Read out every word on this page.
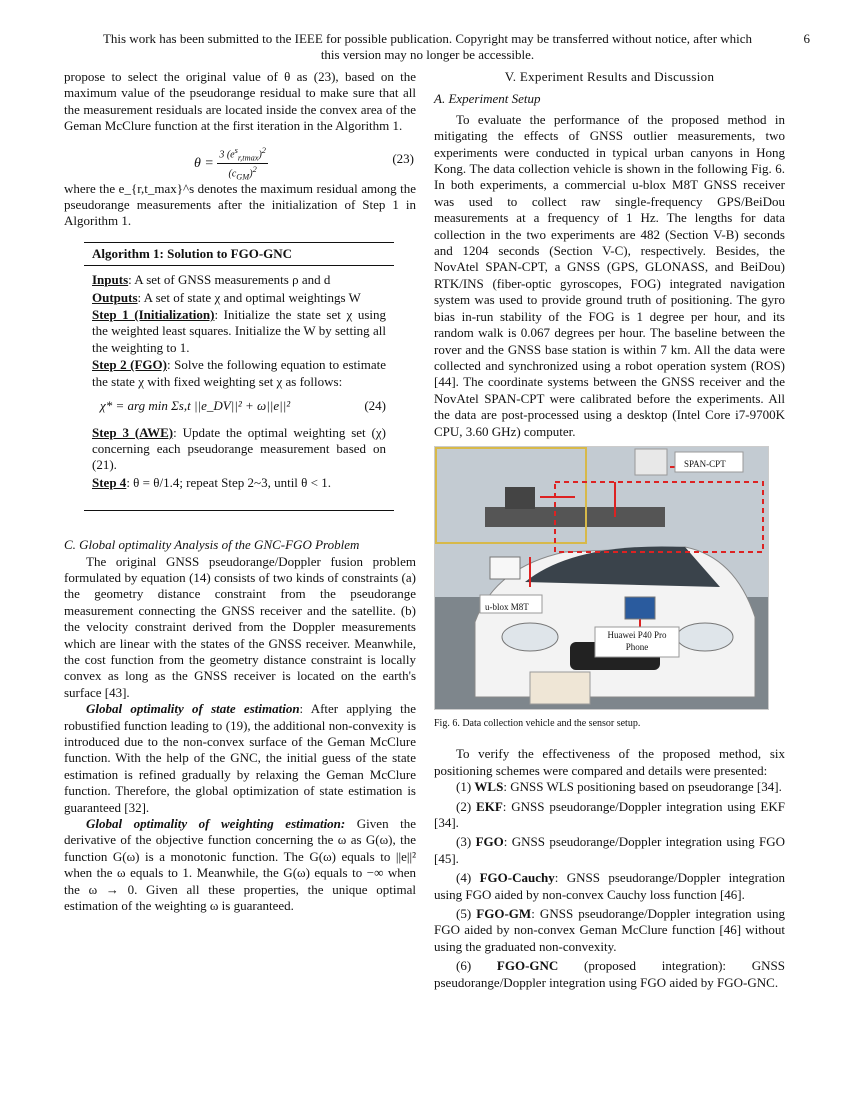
This work has been submitted to the IEEE for possible publication. Copyright may be transferred without notice, after which
this version may no longer be accessible.
6

propose to select the original value of θ as (23), based on the maximum value of the pseudorange residual to make sure that all the measurement residuals are located inside the convex area of the Geman McClure function at the first iteration in the Algorithm 1.

$\theta = \frac{3 (e^s_{r,tmax})^2}{(c_{GM})^2}$	(23)

where the e_{r,t_max}^s denotes the maximum residual among the pseudorange measurements after the initialization of Step 1 in Algorithm 1.

Algorithm 1: Solution to FGO-GNC

Inputs: A set of GNSS measurements ρ and d

Outputs: A set of state χ and optimal weightings W

Step 1 (Initialization): Initialize the state set χ using the weighted least squares. Initialize the W by setting all the weighting to 1.

Step 2 (FGO): Solve the following equation to estimate the state χ with fixed weighting set χ as follows:

χ* = arg min Σs,t ||e_DV||² + ω||e||²	(24)

Step 3 (AWE): Update the optimal weighting set (χ) concerning each pseudorange measurement based on (21).

Step 4: θ = θ/1.4; repeat Step 2~3, until θ < 1.

C. Global optimality Analysis of the GNC-FGO Problem

The original GNSS pseudorange/Doppler fusion problem formulated by equation (14) consists of two kinds of constraints (a) the geometry distance constraint from the pseudorange measurement connecting the GNSS receiver and the satellite. (b) the velocity constraint derived from the Doppler measurements which are linear with the states of the GNSS receiver. Meanwhile, the cost function from the geometry distance constraint is locally convex as long as the GNSS receiver is located on the earth's surface [43].

Global optimality of state estimation: After applying the robustified function leading to (19), the additional non-convexity is introduced due to the non-convex surface of the Geman McClure function. With the help of the GNC, the initial guess of the state estimation is refined gradually by relaxing the Geman McClure function. Therefore, the global optimization of state estimation is guaranteed [32].

Global optimality of weighting estimation: Given the derivative of the objective function concerning the ω as G(ω), the function G(ω) is a monotonic function. The G(ω) equals to ||e||² when the ω equals to 1. Meanwhile, the G(ω) equals to −∞ when the ω → 0. Given all these properties, the unique optimal estimation of the weighting ω is guaranteed.

V. Experiment Results and Discussion

A. Experiment Setup

To evaluate the performance of the proposed method in mitigating the effects of GNSS outlier measurements, two experiments were conducted in typical urban canyons in Hong Kong. The data collection vehicle is shown in the following Fig. 6. In both experiments, a commercial u-blox M8T GNSS receiver was used to collect raw single-frequency GPS/BeiDou measurements at a frequency of 1 Hz. The lengths for data collection in the two experiments are 482 (Section V-B) seconds and 1204 seconds (Section V-C), respectively. Besides, the NovAtel SPAN-CPT, a GNSS (GPS, GLONASS, and BeiDou) RTK/INS (fiber-optic gyroscopes, FOG) integrated navigation system was used to provide ground truth of positioning. The gyro bias in-run stability of the FOG is 1 degree per hour, and its random walk is 0.067 degrees per hour. The baseline between the rover and the GNSS base station is within 7 km. All the data were collected and synchronized using a robot operation system (ROS) [44]. The coordinate systems between the GNSS receiver and the NovAtel SPAN-CPT were calibrated before the experiments. All the data are post-processed using a desktop (Intel Core i7-9700K CPU, 3.60 GHz) computer.

SPAN-CPT
u-blox M8T
Huawei P40 Pro
Phone
Fig. 6. Data collection vehicle and the sensor setup.

To verify the effectiveness of the proposed method, six positioning schemes were compared and details were presented:

(1) WLS: GNSS WLS positioning based on pseudorange [34].

(2) EKF: GNSS pseudorange/Doppler integration using EKF [34].

(3) FGO: GNSS pseudorange/Doppler integration using FGO [45].

(4) FGO-Cauchy: GNSS pseudorange/Doppler integration using FGO aided by non-convex Cauchy loss function [46].

(5) FGO-GM: GNSS pseudorange/Doppler integration using FGO aided by non-convex Geman McClure function [46] without using the graduated non-convexity.

(6) FGO-GNC (proposed integration): GNSS pseudorange/Doppler integration using FGO aided by FGO-GNC.
